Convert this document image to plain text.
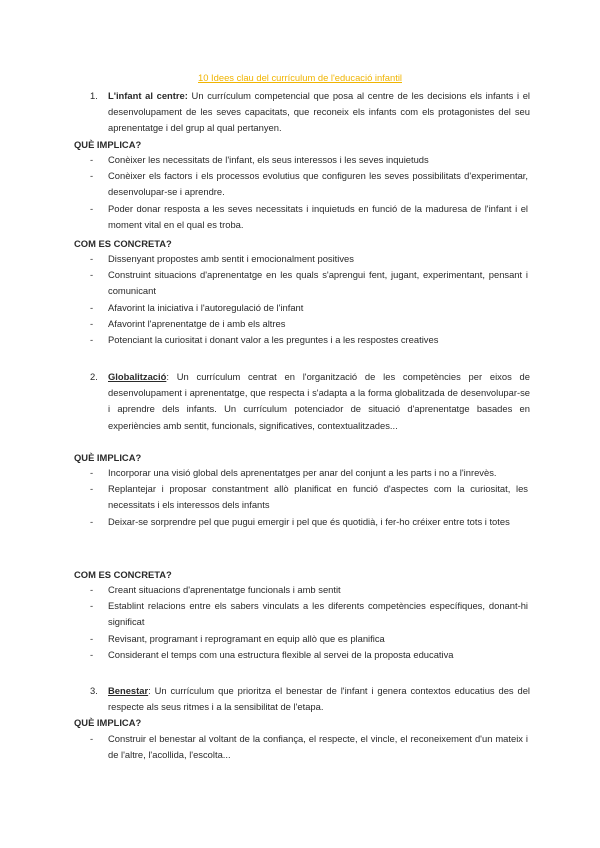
10 Idees clau del currículum de l'educació infantil
1.	L'infant al centre: Un currículum competencial que posa al centre de les decisions els infants i el desenvolupament de les seves capacitats, que reconeix els infants com els protagonistes del seu aprenentatge i del grup al qual pertanyen.
QUÈ IMPLICA?
- Conèixer les necessitats de l'infant, els seus interessos i les seves inquietuds
- Conèixer els factors i els processos evolutius que configuren les seves possibilitats d'experimentar, desenvolupar-se i aprendre.
- Poder donar resposta a les seves necessitats i inquietuds en funció de la maduresa de l'infant i el moment vital en el qual es troba.
COM ES CONCRETA?
- Dissenyant propostes amb sentit i emocionalment positives
- Construint situacions d'aprenentatge en les quals s'aprengui fent, jugant, experimentant, pensant i comunicant
- Afavorint la iniciativa i l'autoregulació de l'infant
- Afavorint l'aprenentatge de i amb els altres
- Potenciant la curiositat i donant valor a les preguntes i a les respostes creatives
2.	Globalització: Un currículum centrat en l'organització de les competències per eixos de desenvolupament i aprenentatge, que respecta i s'adapta a la forma globalitzada de desenvolupar-se i aprendre dels infants. Un currículum potenciador de situació d'aprenentatge basades en experiències amb sentit, funcionals, significatives, contextualitzades...
QUÈ IMPLICA?
- Incorporar una visió global dels aprenentatges per anar del conjunt a les parts i no a l'inrevès.
- Replantejar i proposar constantment allò planificat en funció d'aspectes com la curiositat, les necessitats i els interessos dels infants
- Deixar-se sorprendre pel que pugui emergir i pel que és quotidià, i fer-ho créixer entre tots i totes
COM ES CONCRETA?
- Creant situacions d'aprenentatge funcionals i amb sentit
- Establint relacions entre els sabers vinculats a les diferents competències específiques, donant-hi significat
- Revisant, programant i reprogramant en equip allò que es planifica
- Considerant el temps com una estructura flexible al servei de la proposta educativa
3.	Benestar: Un currículum que prioritza el benestar de l'infant i genera contextos educatius des del respecte als seus ritmes i a la sensibilitat de l'etapa.
QUÈ IMPLICA?
- Construir el benestar al voltant de la confiança, el respecte, el vincle, el reconeixement d'un mateix i de l'altre, l'acollida, l'escolta...
